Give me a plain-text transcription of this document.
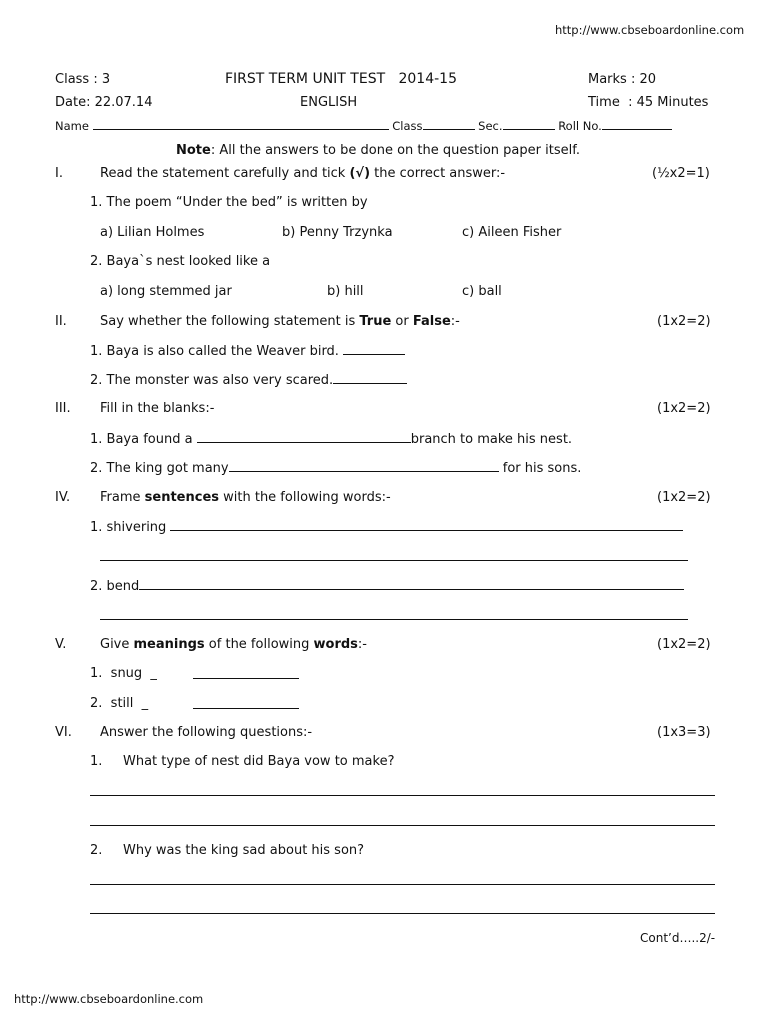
http://www.cbseboardonline.com
Class : 3	FIRST TERM UNIT TEST   2014-15	Marks : 20
Date: 22.07.14	ENGLISH	Time  : 45 Minutes
Name	Class	Sec.	Roll No.
Note: All the answers to be done on the question paper itself.
I.	Read the statement carefully and tick (√) the correct answer:-	(½x2=1)
1. The poem “Under the bed” is written by
a) Lilian Holmes	b) Penny Trzynka	c) Aileen Fisher
2. Baya`s nest looked like a
a) long stemmed jar	b) hill	c) ball
II.	Say whether the following statement is True or False:-	(1x2=2)
1. Baya is also called the Weaver bird.
2. The monster was also very scared.
III. Fill in the blanks:-	(1x2=2)
1. Baya found a	branch to make his nest.
2. The king got many	for his sons.
IV. Frame sentences with the following words:-	(1x2=2)
1. shivering
2. bend
V.	Give meanings of the following words:-	(1x2=2)
1.  snug  _
2.  still  _
VI. Answer the following questions:-	(1x3=3)
1. What type of nest did Baya vow to make?
2. Why was the king sad about his son?
Cont’d…..2/-
http://www.cbseboardonline.com
